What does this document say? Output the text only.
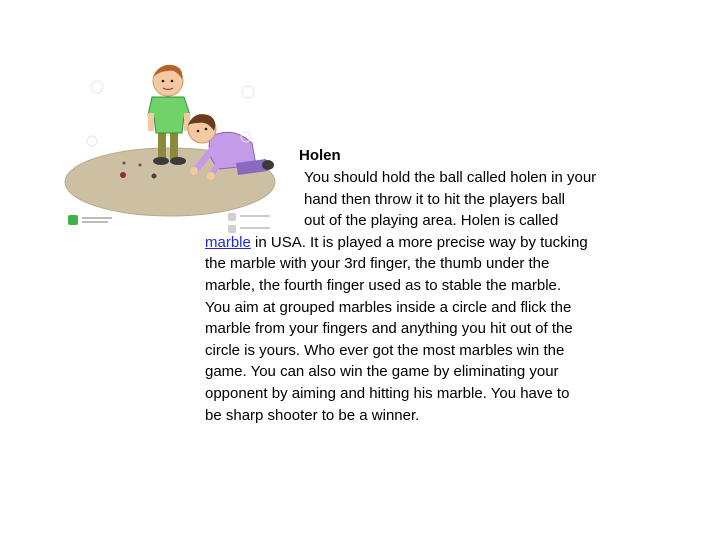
Holen
You should hold the ball called holen in your
hand then throw it to hit the players ball
out of the playing area. Holen is called
marble in USA. It is played a more precise way by tucking
the marble with your 3rd finger, the thumb under the
marble, the fourth finger used as to stable the marble.
You aim at grouped marbles inside a circle and flick the
marble from your fingers and anything you hit out of the
circle is yours. Who ever got the most marbles win the
game. You can also win the game by eliminating your
opponent by aiming and hitting his marble. You have to
be sharp shooter to be a winner.
